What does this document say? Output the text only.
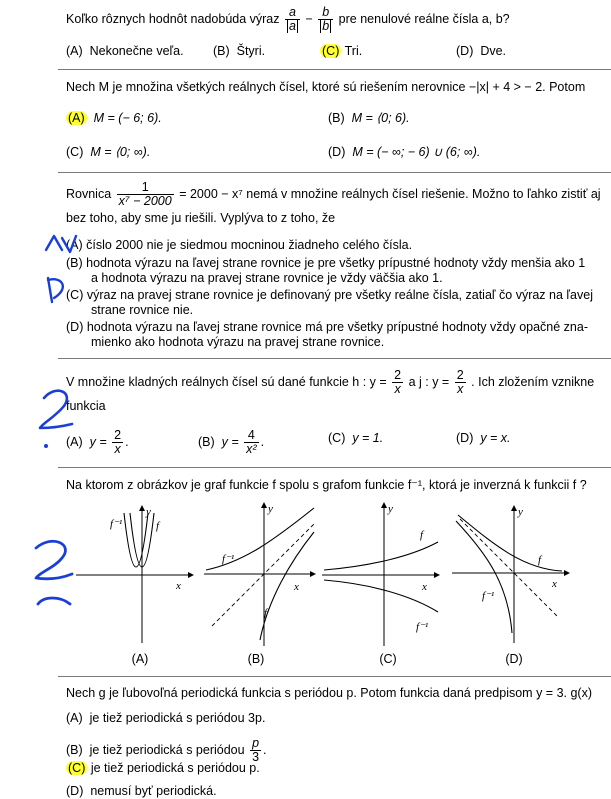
Koľko rôznych hodnôt nadobúda výraz $\frac{a}{a} - \frac{b}{b}$ pre nenulové reálne čísla a, b?
(A) Nekonečne veľa. (B) Štyri.	(C) Tri.	(D) Dve.
Nech M je množina všetkých reálnych čísel, ktoré sú riešením nerovnice −|x| + 4 > − 2. Potom
(A) M = (− 6; 6).	(B) M = ⟨0; 6).
(C) M = ⟨0; ∞).	(D) M = (− ∞; − 6) ∪ (6; ∞).
Rovnica $\frac{1}{\text{x⁷ − 2000}} = 2000 - x^7$ nemá v množine reálnych čísel riešenie. Možno to ľahko zistiť aj
bez toho, aby sme ju riešili. Vyplýva to z toho, že
(A) číslo 2000 nie je siedmou mocninou žiadneho celého čísla.
(B) hodnota výrazu na ľavej strane rovnice je pre všetky prípustné hodnoty vždy menšia ako 1
a hodnota výrazu na pravej strane rovnice je vždy väčšia ako 1.
(C) výraz na pravej strane rovnice je definovaný pre všetky reálne čísla, zatiaľ čo výraz na ľavej
strane rovnice nie.
(D) hodnota výrazu na ľavej strane rovnice má pre všetky prípustné hodnoty vždy opačné zna-
mienko ako hodnota výrazu na pravej strane rovnice.
V množine kladných reálnych čísel sú dané funkcie h : $y = \frac{2}{x}$ a j : $y = \frac{2}{x}$ . Ich zložením vznikne
funkcia
(A) $y = \frac{2}{x}$ .	(B) $y = \frac{4}{\text{x²}}$ .	(C) y = 1.	(D) y = x.
Na ktorom z obrázkov je graf funkcie f spolu s grafom funkcie f⁻¹, ktorá je inverzná k funkcii f ?
f⁻¹	f
x
y
(A)
f⁻¹
f
x
y
(B)
f
f⁻¹
x
y
(C)
f
f⁻¹
x
y
(D)
Nech g je ľubovoľná periodická funkcia s periódou p. Potom funkcia daná predpisom y = 3. g(x)
(A) je tiež periodická s periódou 3p.
(B) je tiež periodická s periódou $\frac{p}{3}$ .
(C) je tiež periodická s periódou p.
(D) nemusí byť periodická.
